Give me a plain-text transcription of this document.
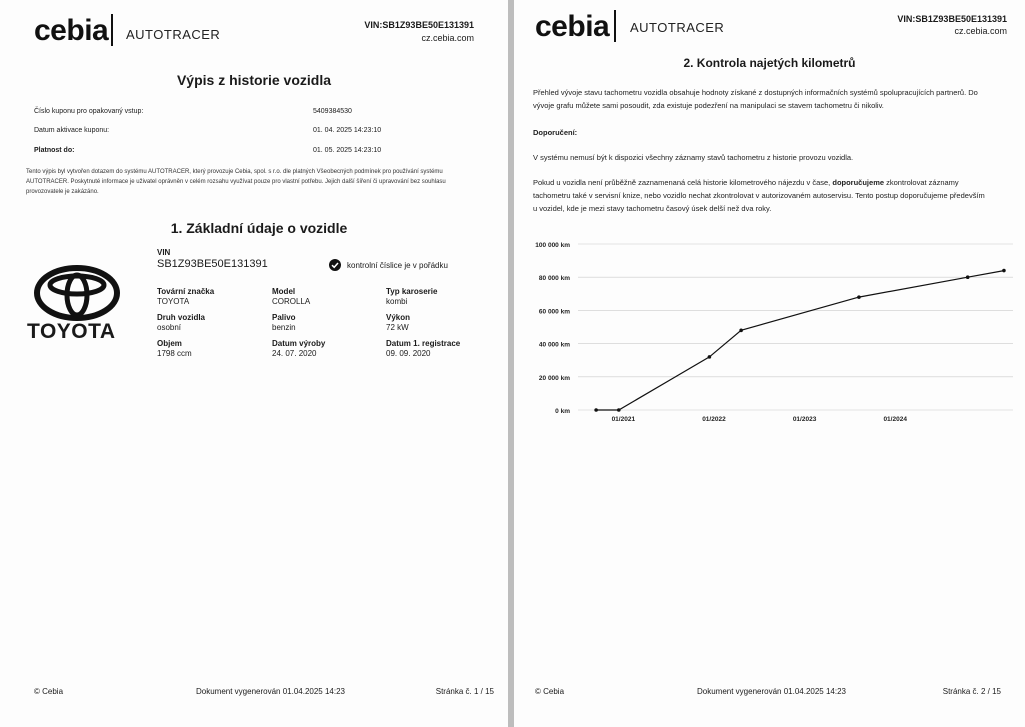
cebia AUTOTRACER
VIN:SB1Z93BE50E131391
cz.cebia.com
Výpis z historie vozidla
Číslo kuponu pro opakovaný vstup:	5409384530
Datum aktivace kuponu:	01. 04. 2025 14:23:10
Platnost do:	01. 05. 2025 14:23:10
Tento výpis byl vytvořen dotazem do systému AUTOTRACER, který provozuje Cebia, spol. s r.o. dle platných Všeobecných podmínek pro používání systému
AUTOTRACER. Poskytnuté informace je uživatel oprávněn v celém rozsahu využívat pouze pro vlastní potřebu. Jejich další šíření či upravování bez souhlasu
provozovatele je zakázáno.
1. Základní údaje o vozidle
TOYOTA
VIN
SB1Z93BE50E131391	kontrolní číslice je v pořádku
Tovární značka
TOYOTA
Model
COROLLA
Typ karoserie
kombi
Druh vozidla
osobní
Palivo
benzin
Výkon
72 kW
Objem
1798 ccm
Datum výroby
24. 07. 2020
Datum 1. registrace
09. 09. 2020
© Cebia	Dokument vygenerován 01.04.2025 14:23	Stránka č. 1 / 15
cebia AUTOTRACER
VIN:SB1Z93BE50E131391
cz.cebia.com
2. Kontrola najetých kilometrů
Přehled vývoje stavu tachometru vozidla obsahuje hodnoty získané z dostupných informačních systémů spolupracujících partnerů. Do
vývoje grafu můžete sami posoudit, zda existuje podezření na manipulaci se stavem tachometru či nikoliv.
Doporučení:
V systému nemusí být k dispozici všechny záznamy stavů tachometru z historie provozu vozidla.
Pokud u vozidla není průběžně zaznamenaná celá historie kilometrového nájezdu v čase, doporučujeme zkontrolovat záznamy
tachometru také v servisní knize, nebo vozidlo nechat zkontrolovat v autorizovaném autoservisu. Tento postup doporučujeme především
u vozidel, kde je mezi stavy tachometru časový úsek delší než dva roky.
100 000 km
80 000 km
60 000 km
40 000 km
20 000 km
0 km
01/2021	01/2022	01/2023	01/2024
© Cebia	Dokument vygenerován 01.04.2025 14:23	Stránka č. 2 / 15
